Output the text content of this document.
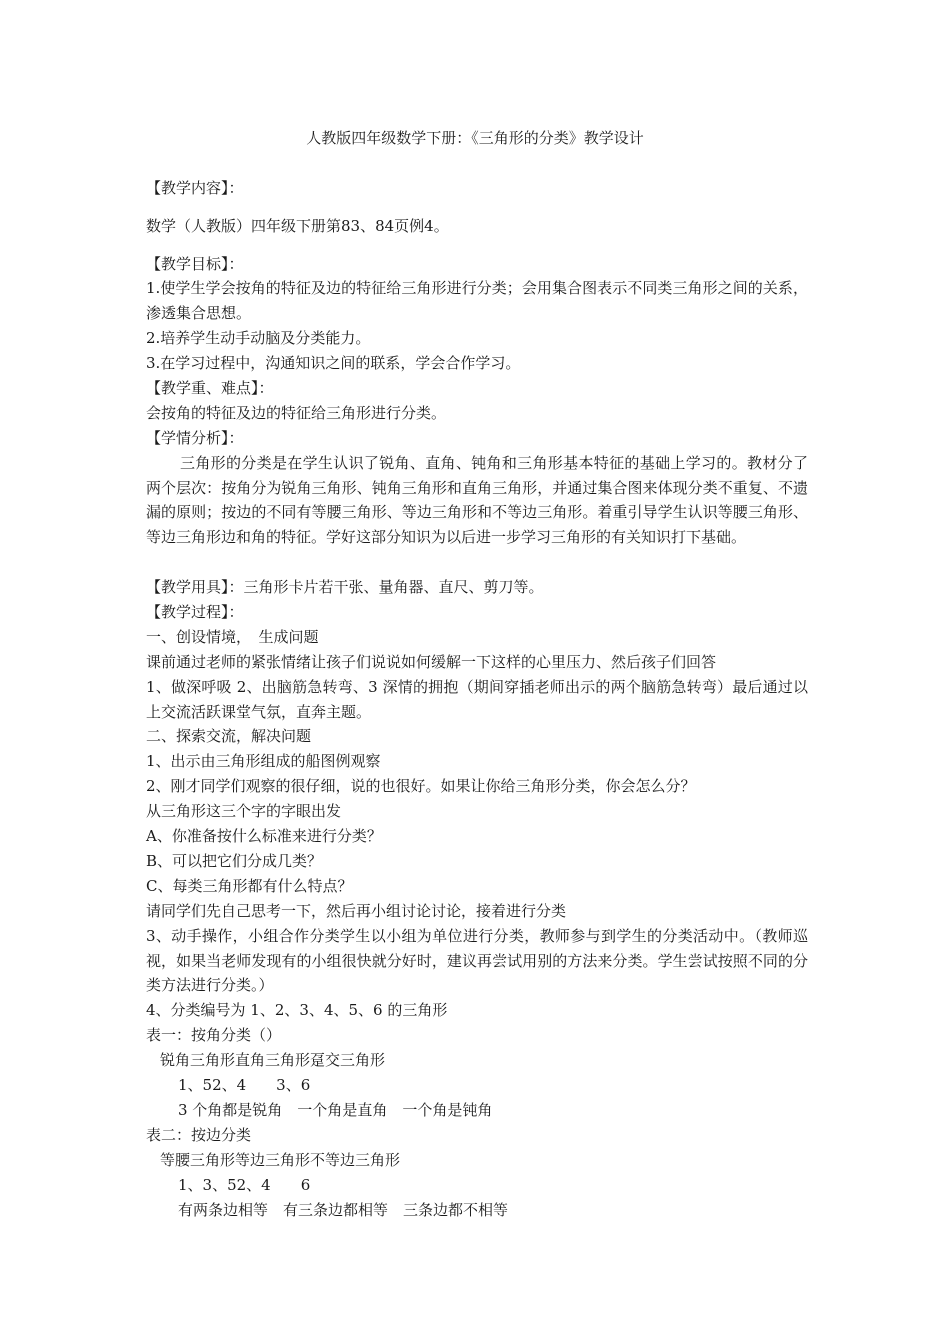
人教版四年级数学下册：《三角形的分类》教学设计
【教学内容】：
数学（人教版）四年级下册第83、84页例4。
【教学目标】：
1.使学生学会按角的特征及边的特征给三角形进行分类；会用集合图表示不同类三角形之间的关系，渗透集合思想。
2.培养学生动手动脑及分类能力。
3.在学习过程中，沟通知识之间的联系，学会合作学习。
【教学重、难点】：
会按角的特征及边的特征给三角形进行分类。
【学情分析】：
三角形的分类是在学生认识了锐角、直角、钝角和三角形基本特征的基础上学习的。教材分了两个层次：按角分为锐角三角形、钝角三角形和直角三角形，并通过集合图来体现分类不重复、不遗漏的原则；按边的不同有等腰三角形、等边三角形和不等边三角形。着重引导学生认识等腰三角形、等边三角形边和角的特征。学好这部分知识为以后进一步学习三角形的有关知识打下基础。
【教学用具】：三角形卡片若干张、量角器、直尺、剪刀等。
【教学过程】：
一、创设情境，　生成问题
课前通过老师的紧张情绪让孩子们说说如何缓解一下这样的心里压力、然后孩子们回答
1、做深呼吸 2、出脑筋急转弯、3 深情的拥抱（期间穿插老师出示的两个脑筋急转弯）最后通过以上交流活跃课堂气氛，直奔主题。
二、探索交流，解决问题
1、出示由三角形组成的船图例观察
2、刚才同学们观察的很仔细，说的也很好。如果让你给三角形分类，你会怎么分？
从三角形这三个字的字眼出发
A、你准备按什么标准来进行分类？
B、可以把它们分成几类？
C、每类三角形都有什么特点？
请同学们先自己思考一下，然后再小组讨论讨论，接着进行分类
3、动手操作，小组合作分类学生以小组为单位进行分类，教师参与到学生的分类活动中。（教师巡视，如果当老师发现有的小组很快就分好时，建议再尝试用别的方法来分类。学生尝试按照不同的分类方法进行分类。）
4、分类编号为 1、2、3、4、5、6 的三角形
表一：按角分类（）
锐角三角形直角三角形趸交三角形
1、52、4　　3、6
3 个角都是锐角　一个角是直角　一个角是钝角
表二：按边分类
等腰三角形等边三角形不等边三角形
1、3、52、4　　6
有两条边相等　有三条边都相等　三条边都不相等
